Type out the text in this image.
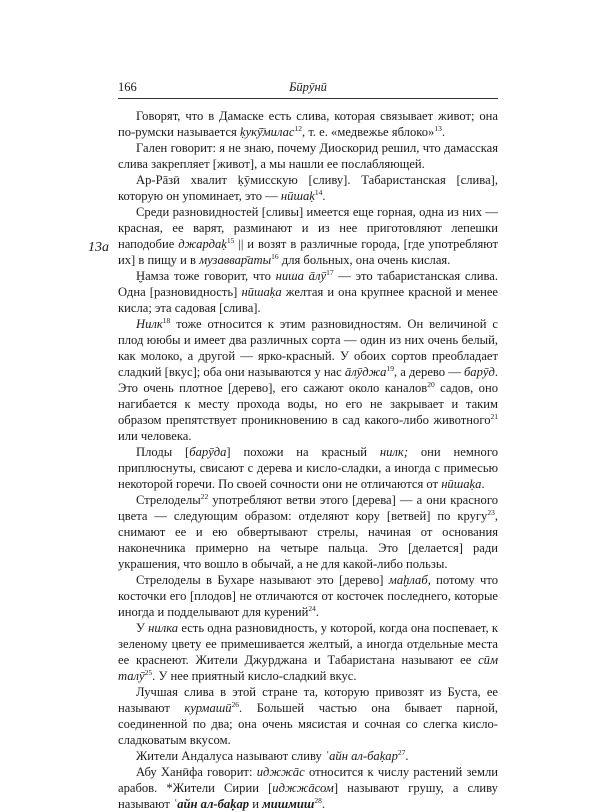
166	Бӣрӯнӣ
13a

Говорят, что в Дамаске есть слива, которая связывает живот; она по-румски называется ḳукӯ̄милас$^{12}$, т. е. «медвежье яблоко»$^{13}$.

Гален говорит: я не знаю, почему Диоскорид решил, что дамасская слива закрепляет [живот], а мы нашли ее послабляющей.

Ар-Рāзӣ хвалит ḳӯмисскую [сливу]. Табаристанская [слива], которую он упоминает, это — нӣшаḳ$^{14}$.

Среди разновидностей [сливы] имеется еще горная, одна из них — красная, ее варят, разминают и из нее приготовляют лепешки наподобие джардаḳ$^{15}$ || и возят в различные города, [где употребляют их] в пищу и в музаввар̄аты$^{16}$ для больных, она очень кислая.

Ḫамза тоже говорит, что ниша āлӯ$^{17}$ — это табаристанская слива. Одна [разновидность] нӣшаḳа желтая и она крупнее красной и менее кисла; эта садовая [слива].

Нилк$^{18}$ тоже относится к этим разновидностям. Он величиной с плод ююбы и имеет два различных сорта — один из них очень белый, как молоко, а другой — ярко-красный. У обоих сортов преобладает сладкий [вкус]; оба они называются у нас āлӯджа$^{19}$, а дерево — барӯд. Это очень плотное [дерево], его сажают около каналов$^{20}$ садов, оно нагибается к месту прохода воды, но его не закрывает и таким образом препятствует проникновению в сад какого-либо животного$^{21}$ или человека.

Плоды [барӯда] похожи на красный нилк; они немного приплюснуты, свисают с дерева и кисло-сладки, а иногда с примесью некоторой горечи. По своей сочности они не отличаются от нӣшаḳа.

Стрелоделы$^{22}$ употребляют ветви этого [дерева] — а они красного цвета — следующим образом: отделяют кору [ветвей] по кругу$^{23}$, снимают ее и ею обвертывают стрелы, начиная от основания наконечника примерно на четыре пальца. Это [делается] ради украшения, что вошло в обычай, а не для какой-либо пользы.

Стрелоделы в Бухаре называют это [дерево] маḫлаб, потому что косточки его [плодов] не отличаются от косточек последнего, которые иногда и подделывают для курений$^{24}$.

У нилка есть одна разновидность, у которой, когда она поспевает, к зеленому цвету ее примешивается желтый, а иногда отдельные места ее краснеют. Жители Джурджана и Табаристана называют ее сӣм талӯ$^{25}$. У нее приятный кисло-сладкий вкус.

Лучшая слива в этой стране та, которую привозят из Буста, ее называют курмашӣ$^{26}$. Большей частью она бывает парной, соединенной по два; она очень мясистая и сочная со слегка кисло-сладковатым вкусом.

Жители Андалуса называют сливу ʿайн ал-баḳар$^{27}$.

Абу Ханӣфа говорит: иджжāс относится к числу растений земли арабов. *Жители Сирии [иджжāсом] называют грушу, а сливу называют ʿайн ал-баḳар и мишмиш$^{28}$.
